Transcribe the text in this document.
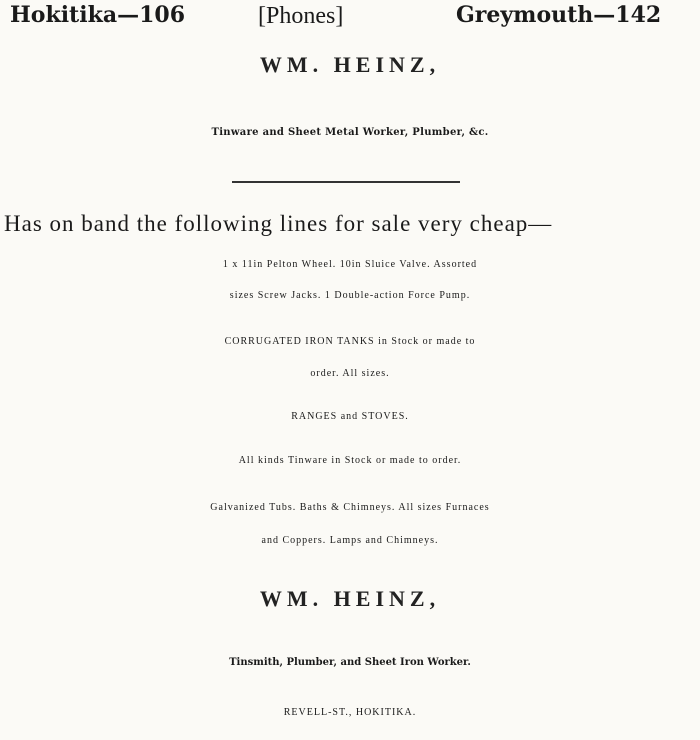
Hokitika—106	[Phones]	Greymouth—142
WM. HEINZ,
Tinware and Sheet Metal Worker, Plumber, &c.
Has on band the following lines for sale very cheap—
1 x 11in Pelton Wheel. 10in Sluice Valve. Assorted
sizes Screw Jacks. 1 Double-action Force Pump.
CORRUGATED IRON TANKS in Stock or made to
order. All sizes.
RANGES and STOVES.
All kinds Tinware in Stock or made to order.
Galvanized Tubs. Baths & Chimneys. All sizes Furnaces
and Coppers. Lamps and Chimneys.
WM. HEINZ,
Tinsmith, Plumber, and Sheet Iron Worker.
REVELL-ST., HOKITIKA.
